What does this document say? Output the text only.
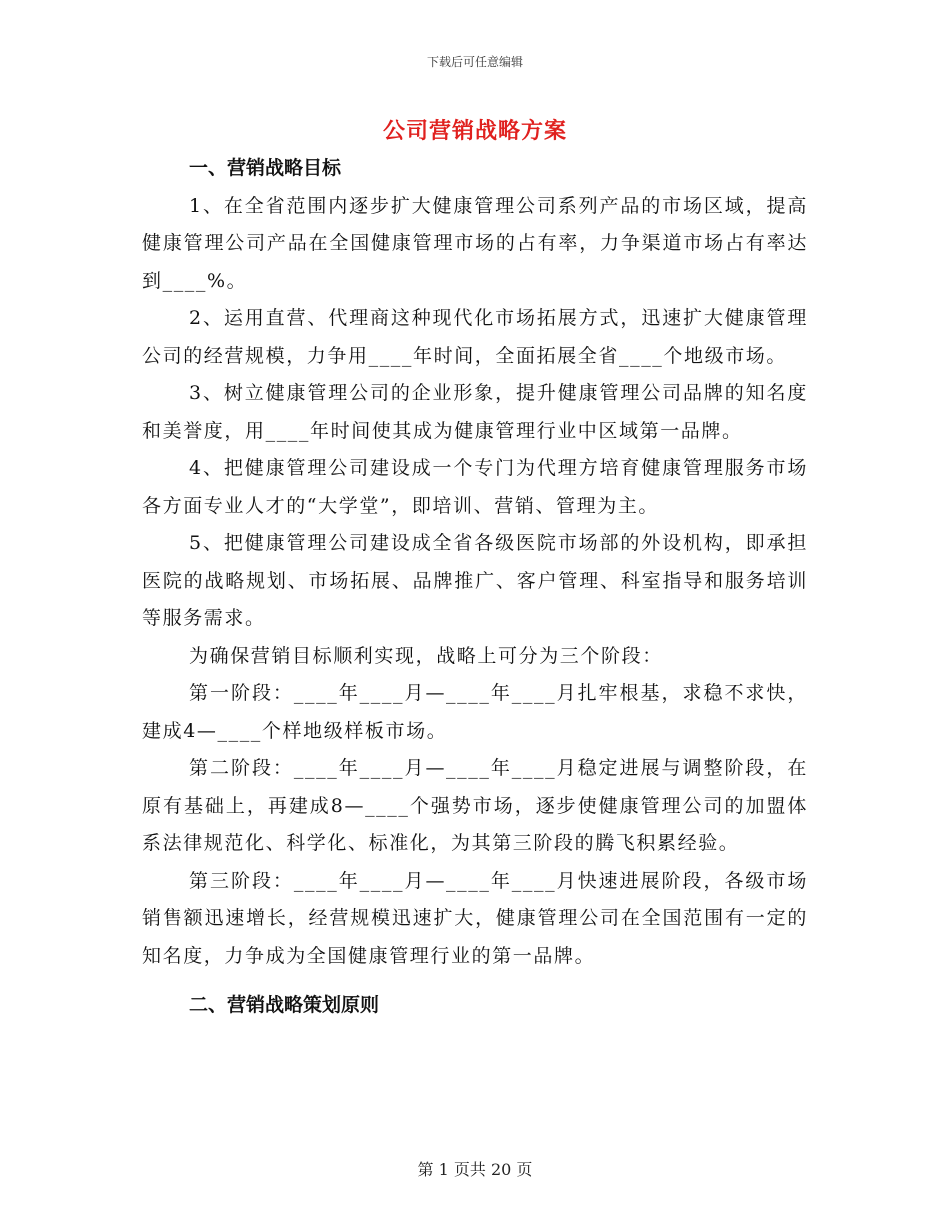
下载后可任意编辑
公司营销战略方案

一、营销战略目标

1、在全省范围内逐步扩大健康管理公司系列产品的市场区域，提高健康管理公司产品在全国健康管理市场的占有率，力争渠道市场占有率达到____%。

2、运用直营、代理商这种现代化市场拓展方式，迅速扩大健康管理公司的经营规模，力争用____年时间，全面拓展全省____个地级市场。

3、树立健康管理公司的企业形象，提升健康管理公司品牌的知名度和美誉度，用____年时间使其成为健康管理行业中区域第一品牌。

4、把健康管理公司建设成一个专门为代理方培育健康管理服务市场各方面专业人才的“大学堂”，即培训、营销、管理为主。

5、把健康管理公司建设成全省各级医院市场部的外设机构，即承担医院的战略规划、市场拓展、品牌推广、客户管理、科室指导和服务培训等服务需求。

为确保营销目标顺利实现，战略上可分为三个阶段：

第一阶段：____年____月—____年____月扎牢根基，求稳不求快，建成4—____个样地级样板市场。

第二阶段：____年____月—____年____月稳定进展与调整阶段，在原有基础上，再建成8—____个强势市场，逐步使健康管理公司的加盟体系法律规范化、科学化、标准化，为其第三阶段的腾飞积累经验。

第三阶段：____年____月—____年____月快速进展阶段，各级市场销售额迅速增长，经营规模迅速扩大，健康管理公司在全国范围有一定的知名度，力争成为全国健康管理行业的第一品牌。

二、营销战略策划原则

第 1 页共 20 页
